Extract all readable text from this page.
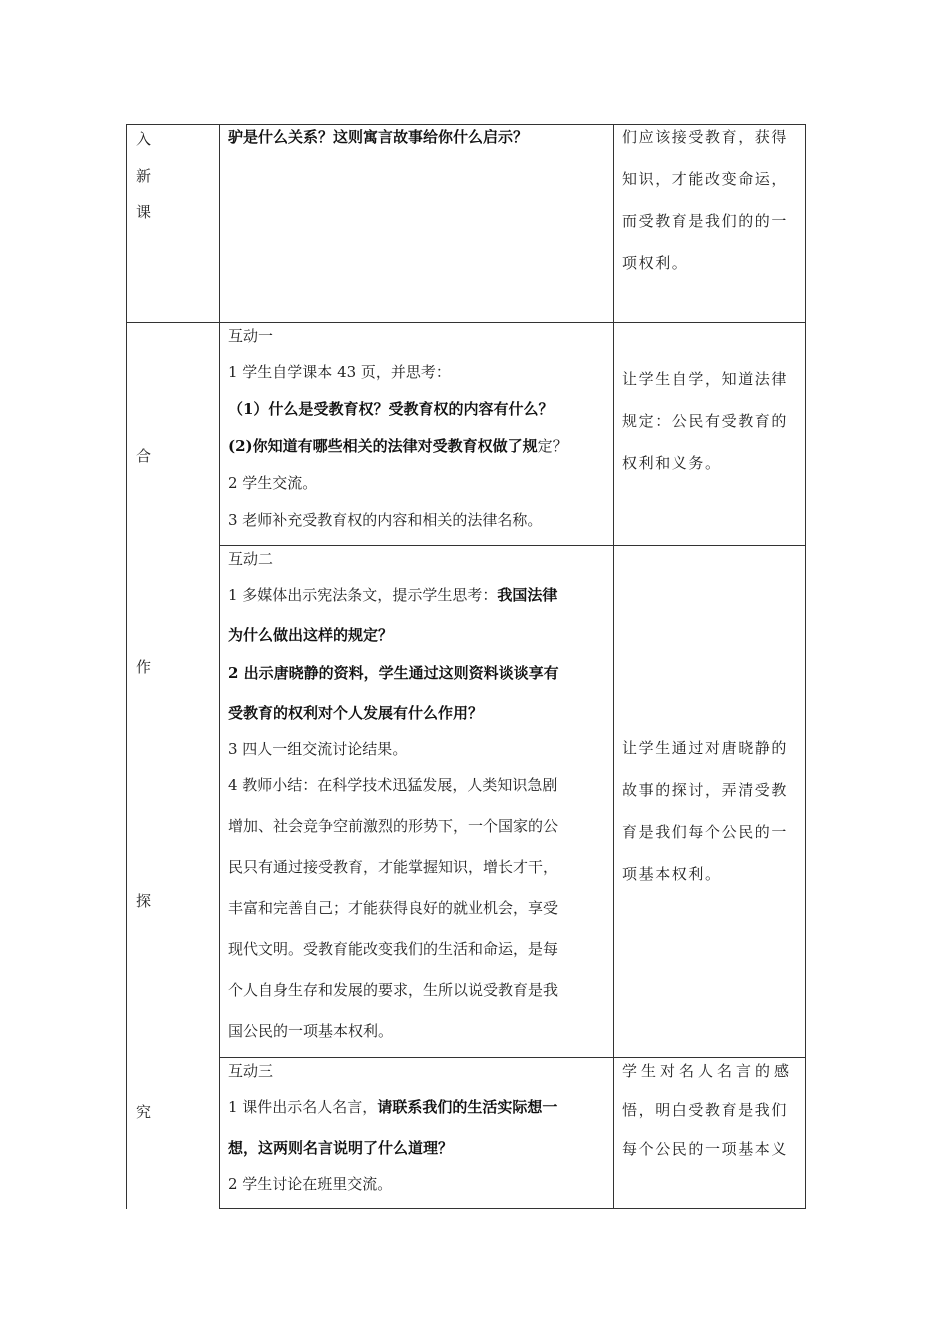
入
新
课
合
作
探
究
驴是什么关系？这则寓言故事给你什么启示？	们应该接受教育，获得
知识，才能改变命运，
而受教育是我们的的一
项权利。
互动一
1 学生自学课本 43 页，并思考：
（1）什么是受教育权？受教育权的内容有什么？
(2)你知道有哪些相关的法律对受教育权做了规定？
2 学生交流。
3 老师补充受教育权的内容和相关的法律名称。
让学生自学，知道法律
规定：公民有受教育的
权利和义务。
互动二
1 多媒体出示宪法条文，提示学生思考：我国法律
为什么做出这样的规定？
2 出示唐晓静的资料，学生通过这则资料谈谈享有
受教育的权利对个人发展有什么作用？
3 四人一组交流讨论结果。
4 教师小结：在科学技术迅猛发展，人类知识急剧
增加、社会竞争空前激烈的形势下，一个国家的公
民只有通过接受教育，才能掌握知识，增长才干，
丰富和完善自己；才能获得良好的就业机会，享受
现代文明。受教育能改变我们的生活和命运，是每
个人自身生存和发展的要求，生所以说受教育是我
国公民的一项基本权利。
让学生通过对唐晓静的
故事的探讨，弄清受教
育是我们每个公民的一
项基本权利。
互动三
1 课件出示名人名言，请联系我们的生活实际想一
想，这两则名言说明了什么道理？
2 学生讨论在班里交流。
学生对名人名言的感
悟，明白受教育是我们
每个公民的一项基本义
